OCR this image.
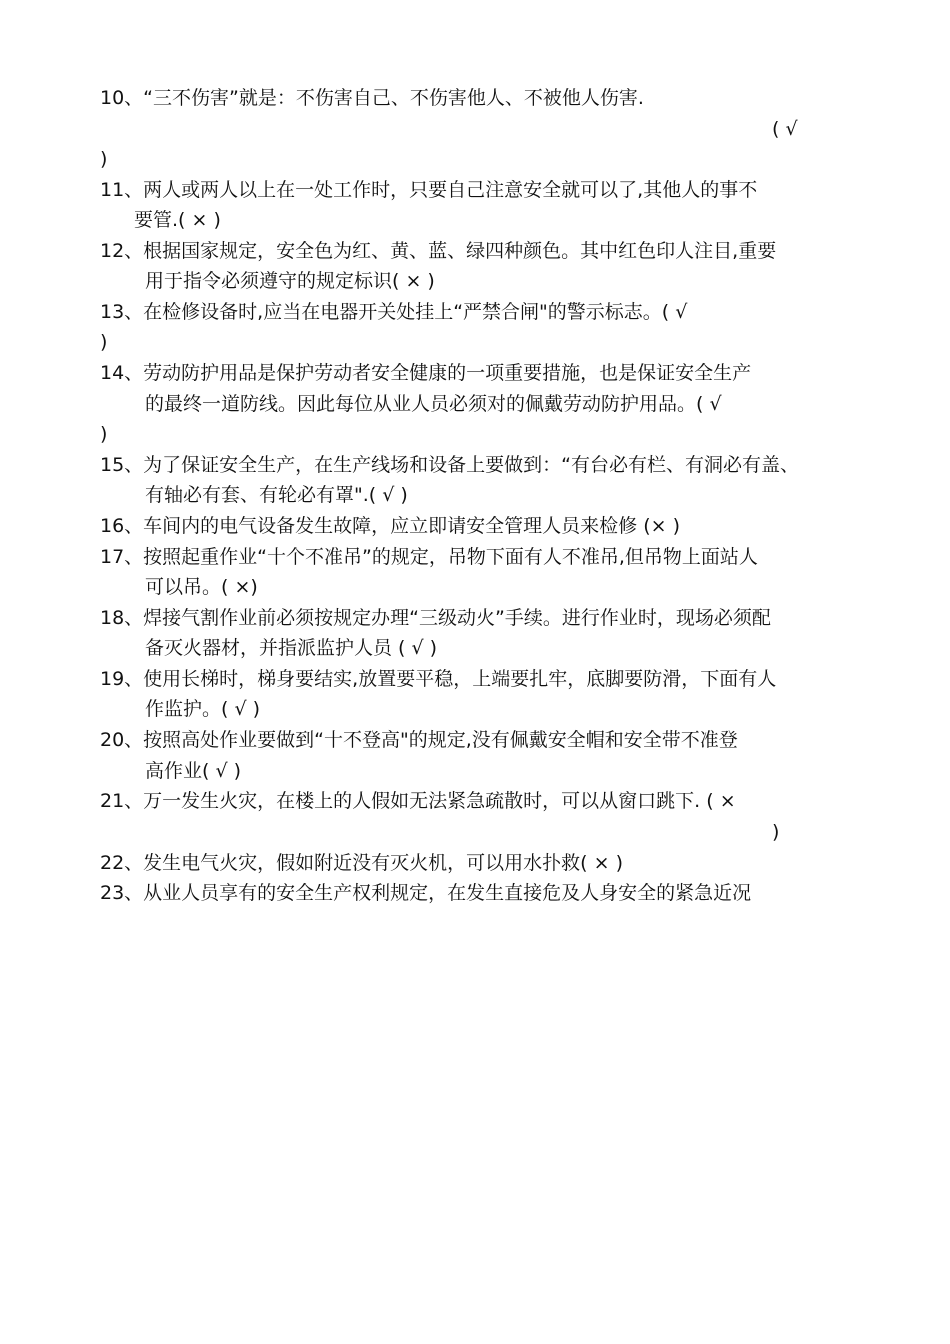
10、“三不伤害”就是：不伤害自己、不伤害他人、不被他人伤害.
( √
)
11、两人或两人以上在一处工作时，只要自己注意安全就可以了,其他人的事不
要管.( × )
12、根据国家规定，安全色为红、黄、蓝、绿四种颜色。其中红色印人注目,重要
用于指令必须遵守的规定标识( × )
13、在检修设备时,应当在电器开关处挂上“严禁合闸"的警示标志。( √
)
14、劳动防护用品是保护劳动者安全健康的一项重要措施，也是保证安全生产
的最终一道防线。因此每位从业人员必须对的佩戴劳动防护用品。( √
)
15、为了保证安全生产，在生产线场和设备上要做到：“有台必有栏、有洞必有盖、
有轴必有套、有轮必有罩".( √ )
16、车间内的电气设备发生故障，应立即请安全管理人员来检修 (× )
17、按照起重作业“十个不准吊”的规定，吊物下面有人不准吊,但吊物上面站人
可以吊。( ×)
18、焊接气割作业前必须按规定办理“三级动火”手续。进行作业时，现场必须配
备灭火器材，并指派监护人员 ( √ )
19、使用长梯时，梯身要结实,放置要平稳，上端要扎牢，底脚要防滑，下面有人
作监护。( √ )
20、按照高处作业要做到“十不登高"的规定,没有佩戴安全帽和安全带不准登
高作业( √ )
21、万一发生火灾，在楼上的人假如无法紧急疏散时，可以从窗口跳下. ( ×
)
22、发生电气火灾，假如附近没有灭火机，可以用水扑救( × )
23、从业人员享有的安全生产权利规定，在发生直接危及人身安全的紧急近况
